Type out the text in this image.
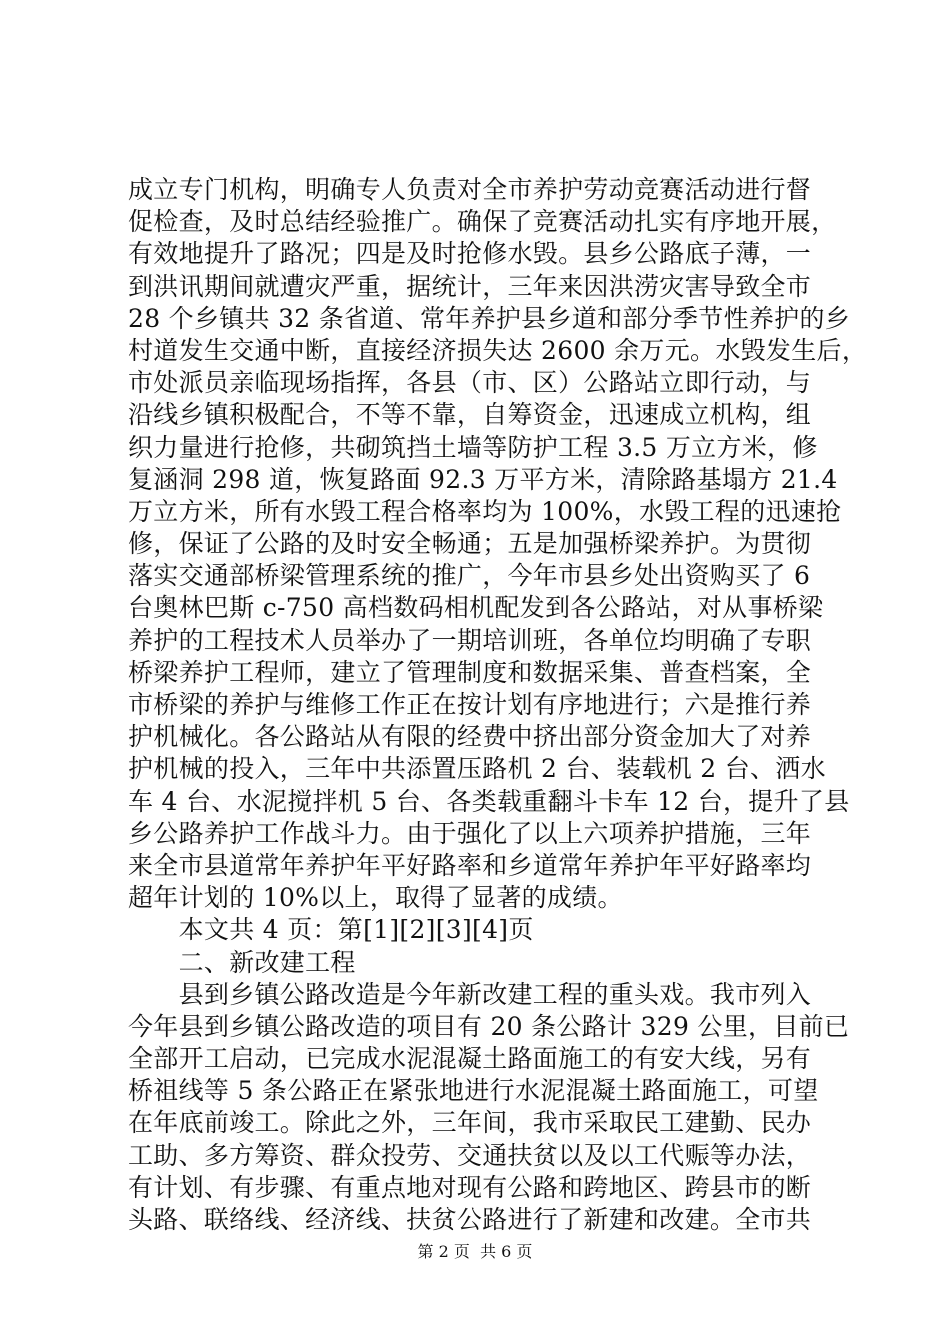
成立专门机构，明确专人负责对全市养护劳动竞赛活动进行督
促检查，及时总结经验推广。确保了竞赛活动扎实有序地开展，
有效地提升了路况；四是及时抢修水毁。县乡公路底子薄，一
到洪讯期间就遭灾严重，据统计，三年来因洪涝灾害导致全市
28 个乡镇共 32 条省道、常年养护县乡道和部分季节性养护的乡
村道发生交通中断，直接经济损失达 2600 余万元。水毁发生后，
市处派员亲临现场指挥，各县（市、区）公路站立即行动，与
沿线乡镇积极配合，不等不靠，自筹资金，迅速成立机构，组
织力量进行抢修，共砌筑挡土墙等防护工程 3.5 万立方米，修
复涵洞 298 道，恢复路面 92.3 万平方米，清除路基塌方 21.4
万立方米，所有水毁工程合格率均为 100%，水毁工程的迅速抢
修，保证了公路的及时安全畅通；五是加强桥梁养护。为贯彻
落实交通部桥梁管理系统的推广，今年市县乡处出资购买了 6
台奥林巴斯 c-750 高档数码相机配发到各公路站，对从事桥梁
养护的工程技术人员举办了一期培训班，各单位均明确了专职
桥梁养护工程师，建立了管理制度和数据采集、普查档案，全
市桥梁的养护与维修工作正在按计划有序地进行；六是推行养
护机械化。各公路站从有限的经费中挤出部分资金加大了对养
护机械的投入，三年中共添置压路机 2 台、装载机 2 台、洒水
车 4 台、水泥搅拌机 5 台、各类载重翻斗卡车 12 台，提升了县
乡公路养护工作战斗力。由于强化了以上六项养护措施，三年
来全市县道常年养护年平好路率和乡道常年养护年平好路率均
超年计划的 10%以上，取得了显著的成绩。
　　本文共 4 页：第[1][2][3][4]页
　　二、新改建工程
　　县到乡镇公路改造是今年新改建工程的重头戏。我市列入
今年县到乡镇公路改造的项目有 20 条公路计 329 公里，目前已
全部开工启动，已完成水泥混凝土路面施工的有安大线，另有
桥祖线等 5 条公路正在紧张地进行水泥混凝土路面施工，可望
在年底前竣工。除此之外，三年间，我市采取民工建勤、民办
工助、多方筹资、群众投劳、交通扶贫以及以工代赈等办法，
有计划、有步骤、有重点地对现有公路和跨地区、跨县市的断
头路、联络线、经济线、扶贫公路进行了新建和改建。全市共
第 2 页  共 6 页
